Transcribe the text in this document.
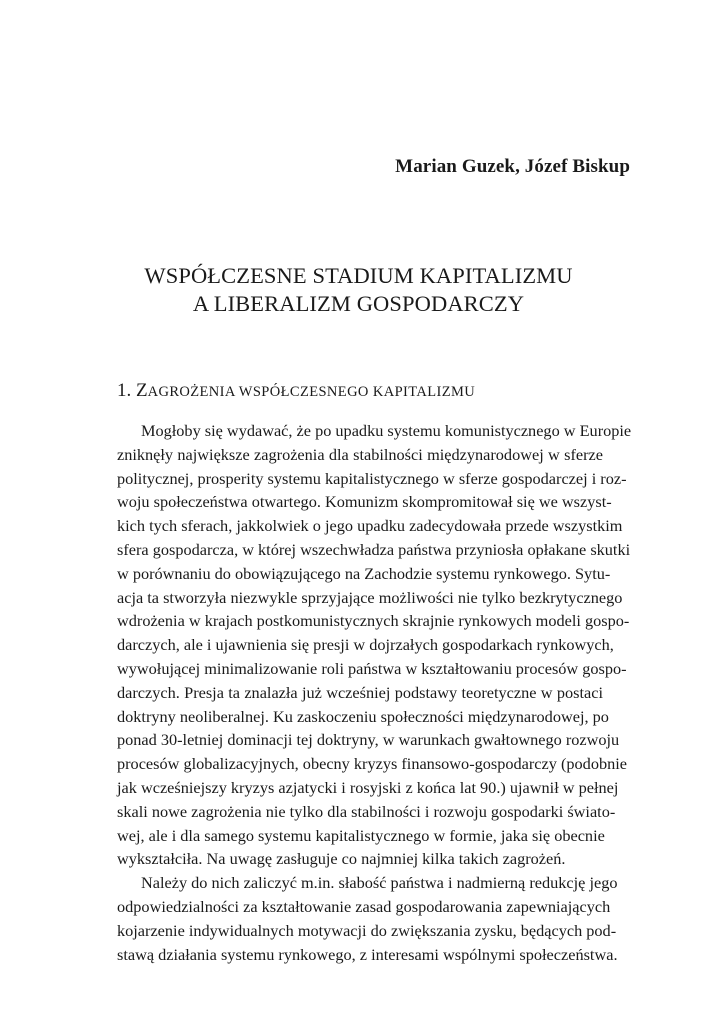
Marian Guzek, Józef Biskup
WSPÓŁCZESNE STADIUM KAPITALIZMU
A LIBERALIZM GOSPODARCZY
1. ZAGROŻENIA WSPÓŁCZESNEGO KAPITALIZMU
Mogłoby się wydawać, że po upadku systemu komunistycznego w Europie
zniknęły największe zagrożenia dla stabilności międzynarodowej w sferze
politycznej, prosperity systemu kapitalistycznego w sferze gospodarczej i roz-
woju społeczeństwa otwartego. Komunizm skompromitował się we wszyst-
kich tych sferach, jakkolwiek o jego upadku zadecydowała przede wszystkim
sfera gospodarcza, w której wszechwładza państwa przyniosła opłakane skutki
w porównaniu do obowiązującego na Zachodzie systemu rynkowego. Sytu-
acja ta stworzyła niezwykle sprzyjające możliwości nie tylko bezkrytycznego
wdrożenia w krajach postkomunistycznych skrajnie rynkowych modeli gospo-
darczych, ale i ujawnienia się presji w dojrzałych gospodarkach rynkowych,
wywołującej minimalizowanie roli państwa w kształtowaniu procesów gospo-
darczych. Presja ta znalazła już wcześniej podstawy teoretyczne w postaci
doktryny neoliberalnej. Ku zaskoczeniu społeczności międzynarodowej, po
ponad 30-letniej dominacji tej doktryny, w warunkach gwałtownego rozwoju
procesów globalizacyjnych, obecny kryzys finansowo-gospodarczy (podobnie
jak wcześniejszy kryzys azjatycki i rosyjski z końca lat 90.) ujawnił w pełnej
skali nowe zagrożenia nie tylko dla stabilności i rozwoju gospodarki świato-
wej, ale i dla samego systemu kapitalistycznego w formie, jaka się obecnie
wykształciła. Na uwagę zasługuje co najmniej kilka takich zagrożeń.
Należy do nich zaliczyć m.in. słabość państwa i nadmierną redukcję jego
odpowiedzialności za kształtowanie zasad gospodarowania zapewniających
kojarzenie indywidualnych motywacji do zwiększania zysku, będących pod-
stawą działania systemu rynkowego, z interesami wspólnymi społeczeństwa.
